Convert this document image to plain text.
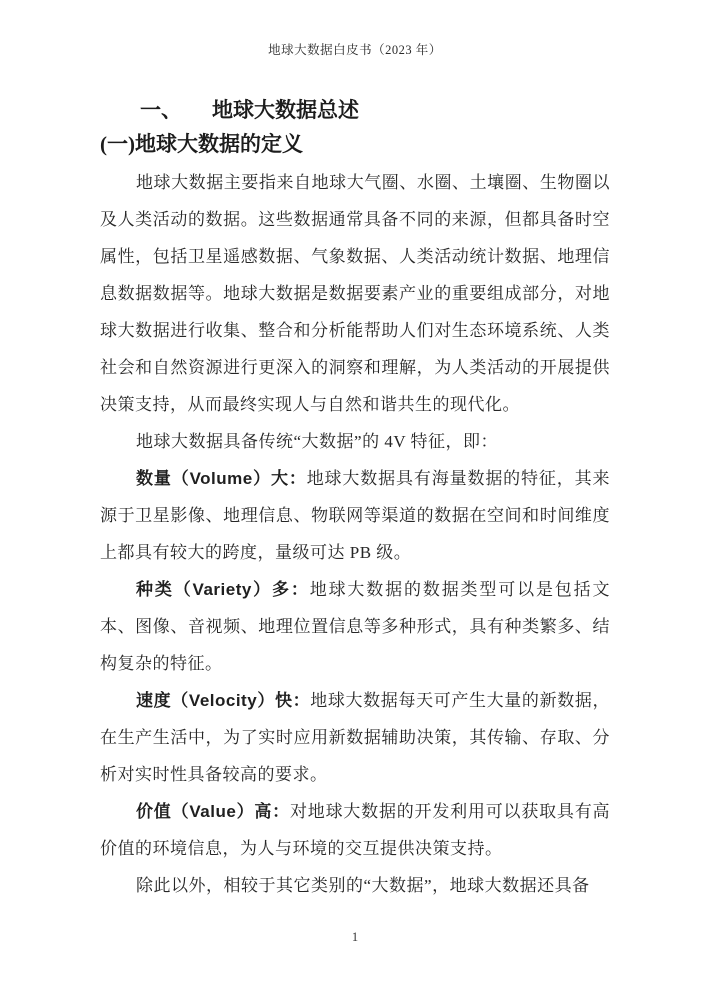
地球大数据白皮书（2023 年）
一、 地球大数据总述
(一)地球大数据的定义

地球大数据主要指来自地球大气圈、水圈、土壤圈、生物圈以及人类活动的数据。这些数据通常具备不同的来源，但都具备时空属性，包括卫星遥感数据、气象数据、人类活动统计数据、地理信息数据数据等。地球大数据是数据要素产业的重要组成部分，对地球大数据进行收集、整合和分析能帮助人们对生态环境系统、人类社会和自然资源进行更深入的洞察和理解，为人类活动的开展提供决策支持，从而最终实现人与自然和谐共生的现代化。

地球大数据具备传统“大数据”的 4V 特征，即：

数量（Volume）大：地球大数据具有海量数据的特征，其来源于卫星影像、地理信息、物联网等渠道的数据在空间和时间维度上都具有较大的跨度，量级可达 PB 级。

种类（Variety）多：地球大数据的数据类型可以是包括文本、图像、音视频、地理位置信息等多种形式，具有种类繁多、结构复杂的特征。

速度（Velocity）快：地球大数据每天可产生大量的新数据，在生产生活中，为了实时应用新数据辅助决策，其传输、存取、分析对实时性具备较高的要求。

价值（Value）高：对地球大数据的开发利用可以获取具有高价值的环境信息，为人与环境的交互提供决策支持。

除此以外，相较于其它类别的“大数据”，地球大数据还具备

1
